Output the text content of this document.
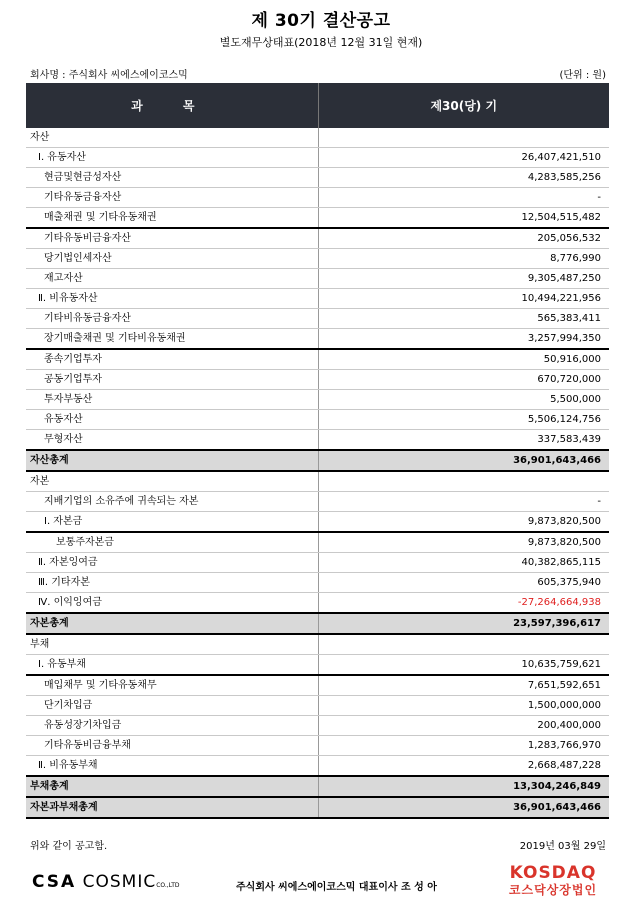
제 30기 결산공고
별도재무상태표(2018년 12월 31일 현재)
회사명 : 주식회사 씨에스에이코스믹	(단위 : 원)
과 목	제30(당) 기
자산	
Ⅰ. 유동자산	26,407,421,510
현금및현금성자산	4,283,585,256
기타유동금융자산	-
매출채권 및 기타유동채권	12,504,515,482
기타유동비금융자산	205,056,532
당기법인세자산	8,776,990
재고자산	9,305,487,250
Ⅱ. 비유동자산	10,494,221,956
기타비유동금융자산	565,383,411
장기매출채권 및 기타비유동채권	3,257,994,350
종속기업투자	50,916,000
공동기업투자	670,720,000
투자부동산	5,500,000
유동자산	5,506,124,756
무형자산	337,583,439
자산총계	36,901,643,466
자본	
지배기업의 소유주에 귀속되는 자본	-
Ⅰ. 자본금	9,873,820,500
보통주자본금	9,873,820,500
Ⅱ. 자본잉여금	40,382,865,115
Ⅲ. 기타자본	605,375,940
Ⅳ. 이익잉여금	-27,264,664,938
자본총계	23,597,396,617
부채	
Ⅰ. 유동부채	10,635,759,621
매입채무 및 기타유동채무	7,651,592,651
단기차입금	1,500,000,000
유동성장기차입금	200,400,000
기타유동비금융부채	1,283,766,970
Ⅱ. 비유동부채	2,668,487,228
부채총계	13,304,246,849
자본과부채총계	36,901,643,466
위와 같이 공고함.	2019년 03월 29일
CSA COSMICCO.,LTD	주식회사 씨에스에이코스믹 대표이사 조 성 아
KOSDAQ
코스닥상장법인
